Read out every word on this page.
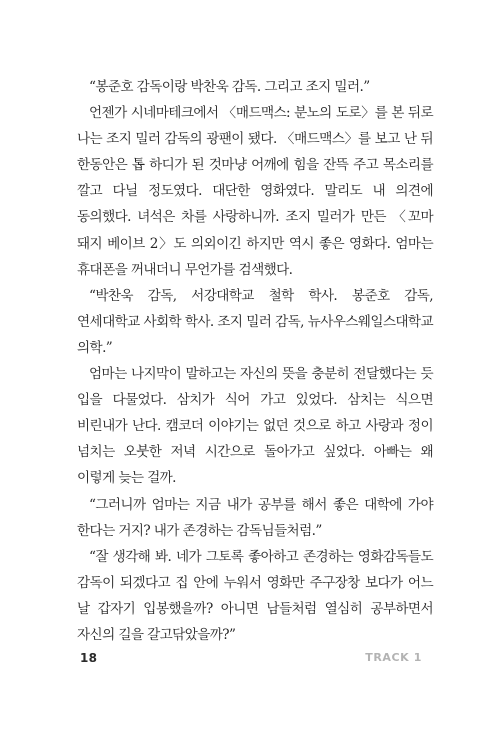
“봉준호 감독이랑 박찬욱 감독. 그리고 조지 밀러.”

언젠가 시네마테크에서 〈매드맥스: 분노의 도로〉를 본 뒤로 나는 조지 밀러 감독의 광팬이 됐다. 〈매드맥스〉를 보고 난 뒤 한동안은 톱 하디가 된 것마냥 어깨에 힘을 잔뜩 주고 목소리를 깔고 다닐 정도였다. 대단한 영화였다. 말리도 내 의견에 동의했다. 녀석은 차를 사랑하니까. 조지 밀러가 만든 〈꼬마 돼지 베이브 2〉도 의외이긴 하지만 역시 좋은 영화다. 엄마는 휴대폰을 꺼내더니 무언가를 검색했다.

“박찬욱 감독, 서강대학교 철학 학사. 봉준호 감독, 연세대학교 사회학 학사. 조지 밀러 감독, 뉴사우스웨일스대학교 의학.”

엄마는 나지막이 말하고는 자신의 뜻을 충분히 전달했다는 듯 입을 다물었다. 삼치가 식어 가고 있었다. 삼치는 식으면 비린내가 난다. 캠코더 이야기는 없던 것으로 하고 사랑과 정이 넘치는 오붓한 저녁 시간으로 돌아가고 싶었다. 아빠는 왜 이렇게 늦는 걸까.

“그러니까 엄마는 지금 내가 공부를 해서 좋은 대학에 가야 한다는 거지? 내가 존경하는 감독님들처럼.”

“잘 생각해 봐. 네가 그토록 좋아하고 존경하는 영화감독들도 감독이 되겠다고 집 안에 누워서 영화만 주구장창 보다가 어느 날 갑자기 입봉했을까? 아니면 남들처럼 열심히 공부하면서 자신의 길을 갈고닦았을까?”

18	TRACK 1
